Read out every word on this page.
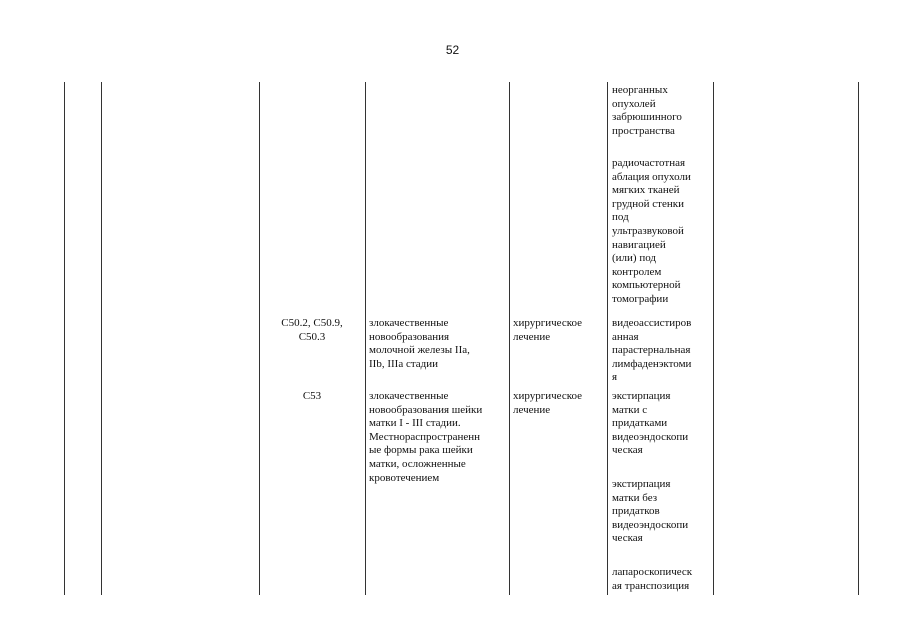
52
неорганных
опухолей
забрюшинного
пространства
радиочастотная
аблация опухоли
мягких тканей
грудной стенки
под
ультразвуковой
навигацией
(или) под
контролем
компьютерной
томографии
C50.2, C50.9,
C50.3
злокачественные
новообразования
молочной железы IIa,
IIb, IIIa стадии
хирургическое
лечение
видеоассистиров
анная
парастернальная
лимфаденэктоми
я
C53	злокачественные
новообразования шейки
матки I - III стадии.
Местнораспространенн
ые формы рака шейки
матки, осложненные
кровотечением
хирургическое
лечение
экстирпация
матки с
придатками
видеоэндоскопи
ческая
экстирпация
матки без
придатков
видеоэндоскопи
ческая
лапароскопическ
ая транспозиция
